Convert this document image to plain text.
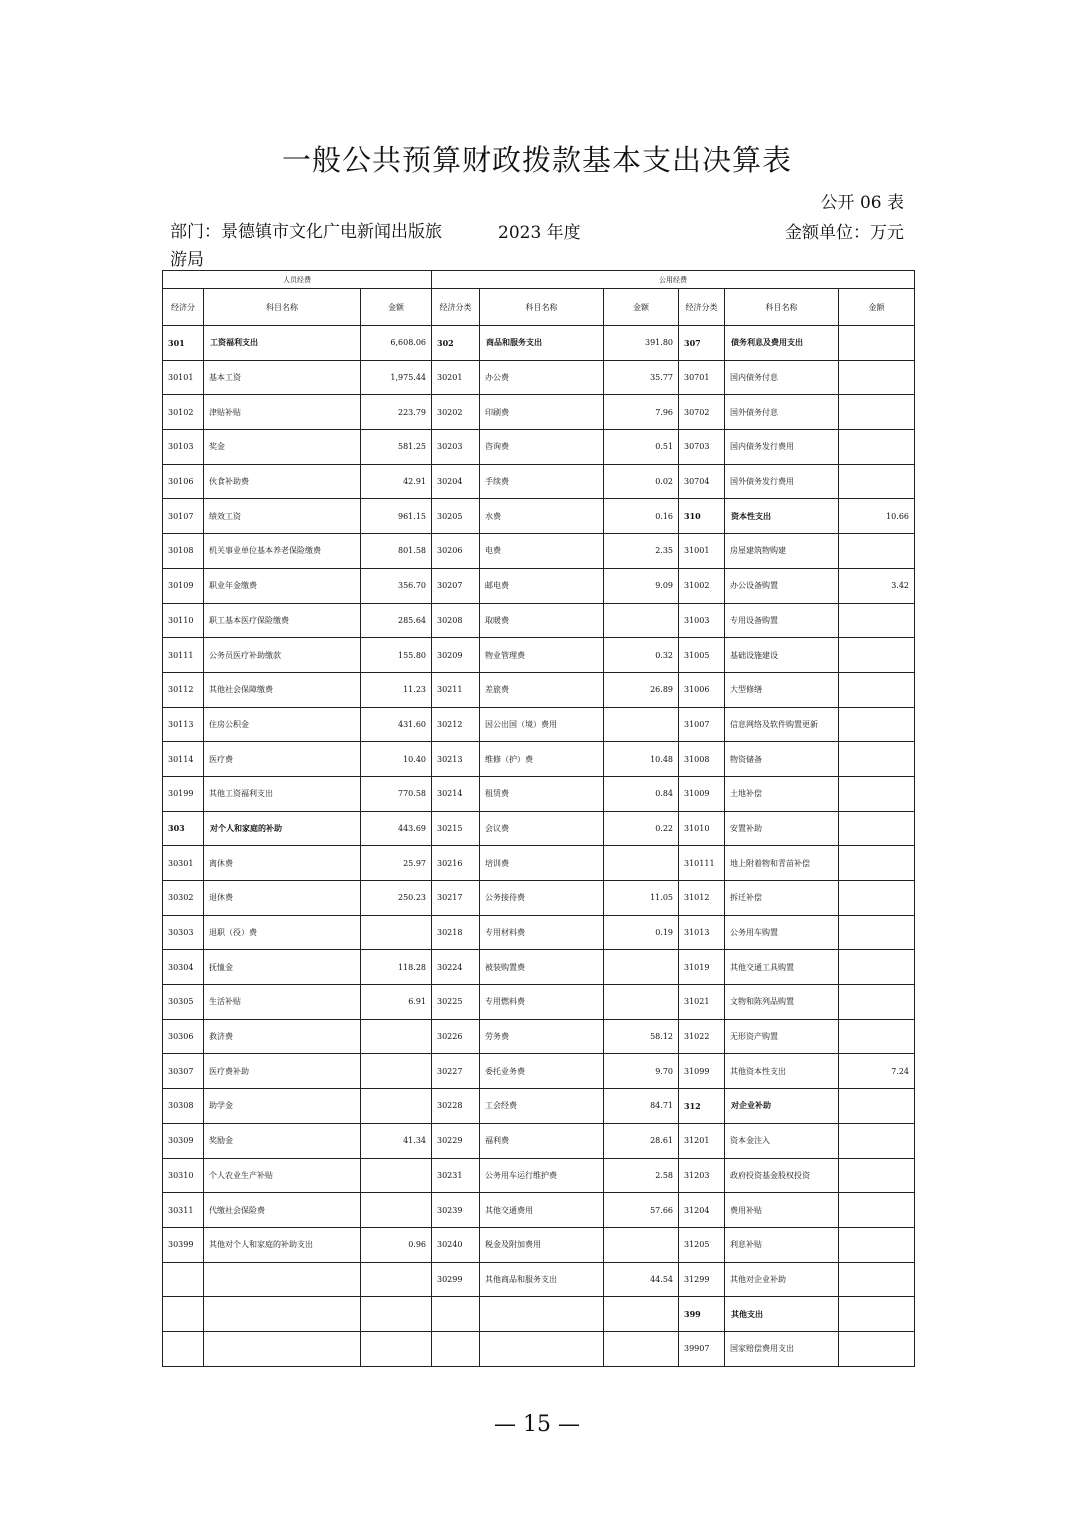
一般公共预算财政拨款基本支出决算表
公开 06 表
部门：景德镇市文化广电新闻出版旅游局
2023 年度	金额单位：万元
人员经费			公用经费					
经济分	科目名称	金额	经济分类	科目名称	金额	经济分类	科目名称	金额
301	工资福利支出	6,608.06	302	商品和服务支出	391.80	307	债务利息及费用支出	
30101	基本工资	1,975.44	30201	办公费	35.77	30701	国内债务付息	
30102	津贴补贴	223.79	30202	印刷费	7.96	30702	国外债务付息	
30103	奖金	581.25	30203	咨询费	0.51	30703	国内债务发行费用	
30106	伙食补助费	42.91	30204	手续费	0.02	30704	国外债务发行费用	
30107	绩效工资	961.15	30205	水费	0.16	310	资本性支出	10.66
30108	机关事业单位基本养老保险缴费	801.58	30206	电费	2.35	31001	房屋建筑物购建	
30109	职业年金缴费	356.70	30207	邮电费	9.09	31002	办公设备购置	3.42
30110	职工基本医疗保险缴费	285.64	30208	取暖费		31003	专用设备购置	
30111	公务员医疗补助缴款	155.80	30209	物业管理费	0.32	31005	基础设施建设	
30112	其他社会保障缴费	11.23	30211	差旅费	26.89	31006	大型修缮	
30113	住房公积金	431.60	30212	因公出国（境）费用		31007	信息网络及软件购置更新	
30114	医疗费	10.40	30213	维修（护）费	10.48	31008	物资储备	
30199	其他工资福利支出	770.58	30214	租赁费	0.84	31009	土地补偿	
303	对个人和家庭的补助	443.69	30215	会议费	0.22	31010	安置补助	
30301	离休费	25.97	30216	培训费		310111	地上附着物和青苗补偿	
30302	退休费	250.23	30217	公务接待费	11.05	31012	拆迁补偿	
30303	退职（役）费		30218	专用材料费	0.19	31013	公务用车购置	
30304	抚恤金	118.28	30224	被装购置费		31019	其他交通工具购置	
30305	生活补贴	6.91	30225	专用燃料费		31021	文物和陈列品购置	
30306	救济费		30226	劳务费	58.12	31022	无形资产购置	
30307	医疗费补助		30227	委托业务费	9.70	31099	其他资本性支出	7.24
30308	助学金		30228	工会经费	84.71	312	对企业补助	
30309	奖励金	41.34	30229	福利费	28.61	31201	资本金注入	
30310	个人农业生产补贴		30231	公务用车运行维护费	2.58	31203	政府投资基金股权投资	
30311	代缴社会保险费		30239	其他交通费用	57.66	31204	费用补贴	
30399	其他对个人和家庭的补助支出	0.96	30240	税金及附加费用		31205	利息补贴	
			30299	其他商品和服务支出	44.54	31299	其他对企业补助	
						399	其他支出	
						39907	国家赔偿费用支出	
— 15 —
